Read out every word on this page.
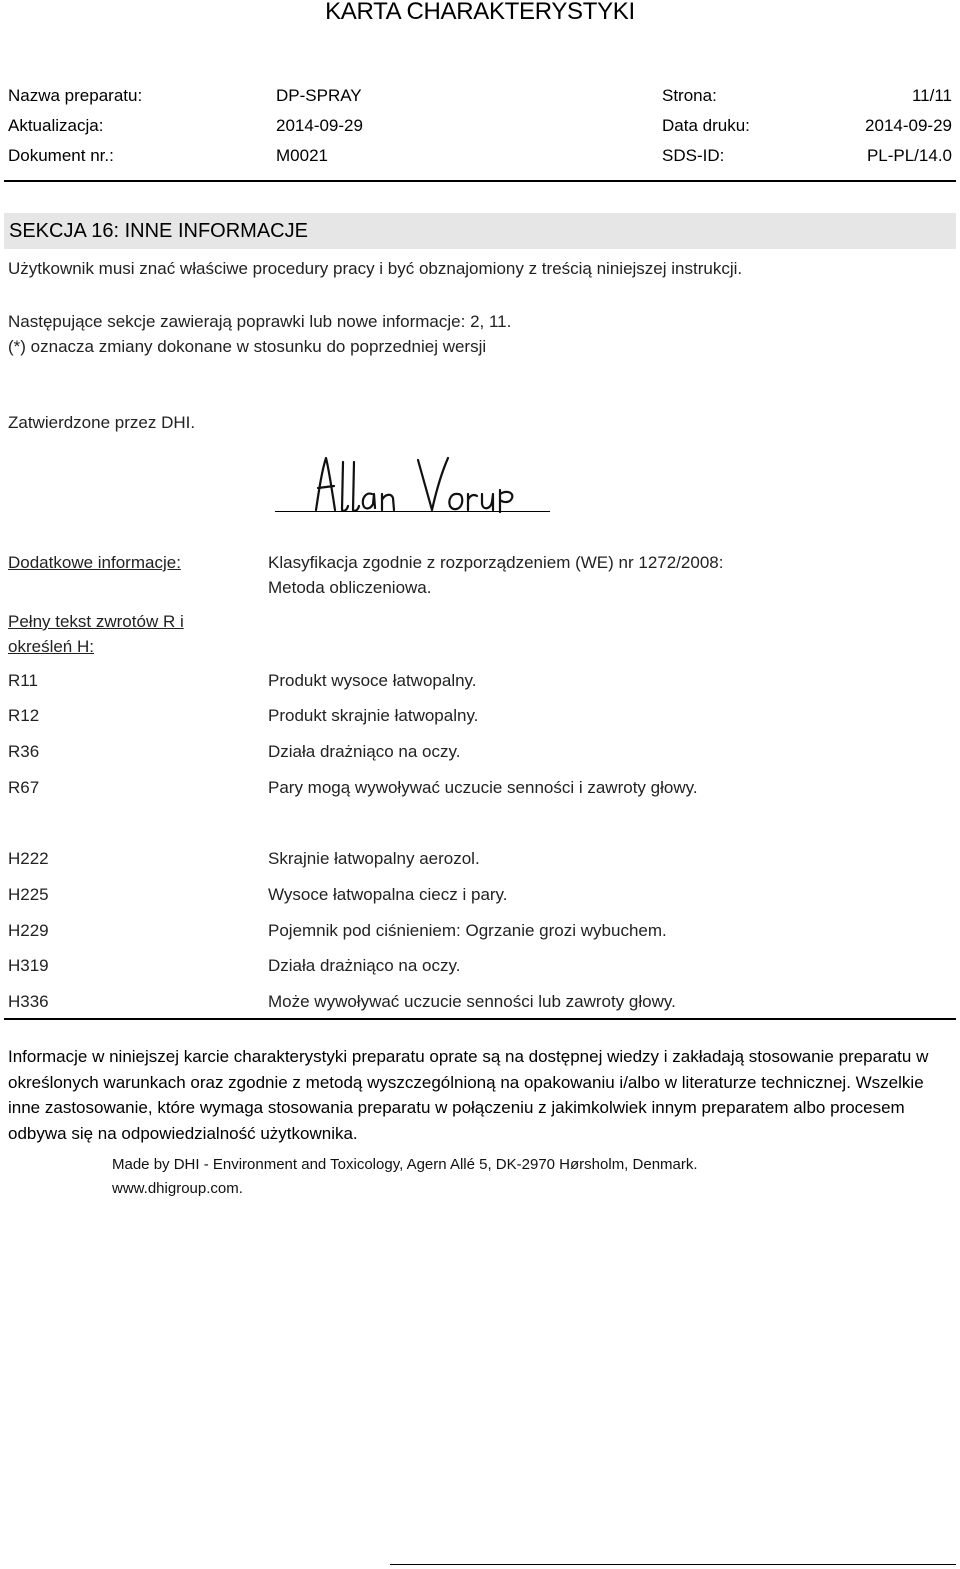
KARTA CHARAKTERYSTYKI
Nazwa preparatu:	DP-SPRAY	Strona:	11/11
Aktualizacja:	2014-09-29	Data druku:	2014-09-29
Dokument nr.:	M0021	SDS-ID:	PL-PL/14.0
SEKCJA 16: INNE INFORMACJE
Użytkownik musi znać właściwe procedury pracy i być obznajomiony z treścią niniejszej instrukcji.
Następujące sekcje zawierają poprawki lub nowe informacje: 2, 11.
(*) oznacza zmiany dokonane w stosunku do poprzedniej wersji
Zatwierdzone przez DHI.
Dodatkowe informacje:	Klasyfikacja zgodnie z rozporządzeniem (WE) nr 1272/2008:
Metoda obliczeniowa.
Pełny tekst zwrotów R i
określeń H:
R11	Produkt wysoce łatwopalny.
R12	Produkt skrajnie łatwopalny.
R36	Działa drażniąco na oczy.
R67	Pary mogą wywoływać uczucie senności i zawroty głowy.
H222	Skrajnie łatwopalny aerozol.
H225	Wysoce łatwopalna ciecz i pary.
H229	Pojemnik pod ciśnieniem: Ogrzanie grozi wybuchem.
H319	Działa drażniąco na oczy.
H336	Może wywoływać uczucie senności lub zawroty głowy.
Informacje w niniejszej karcie charakterystyki preparatu oprate są na dostępnej wiedzy i zakładają stosowanie preparatu w określonych warunkach oraz zgodnie z metodą wyszczególnioną na opakowaniu i/albo w literaturze technicznej. Wszelkie inne zastosowanie, które wymaga stosowania preparatu w połączeniu z jakimkolwiek innym preparatem albo procesem odbywa się na odpowiedzialność użytkownika.
Made by DHI - Environment and Toxicology, Agern Allé 5, DK-2970 Hørsholm, Denmark.
www.dhigroup.com.
